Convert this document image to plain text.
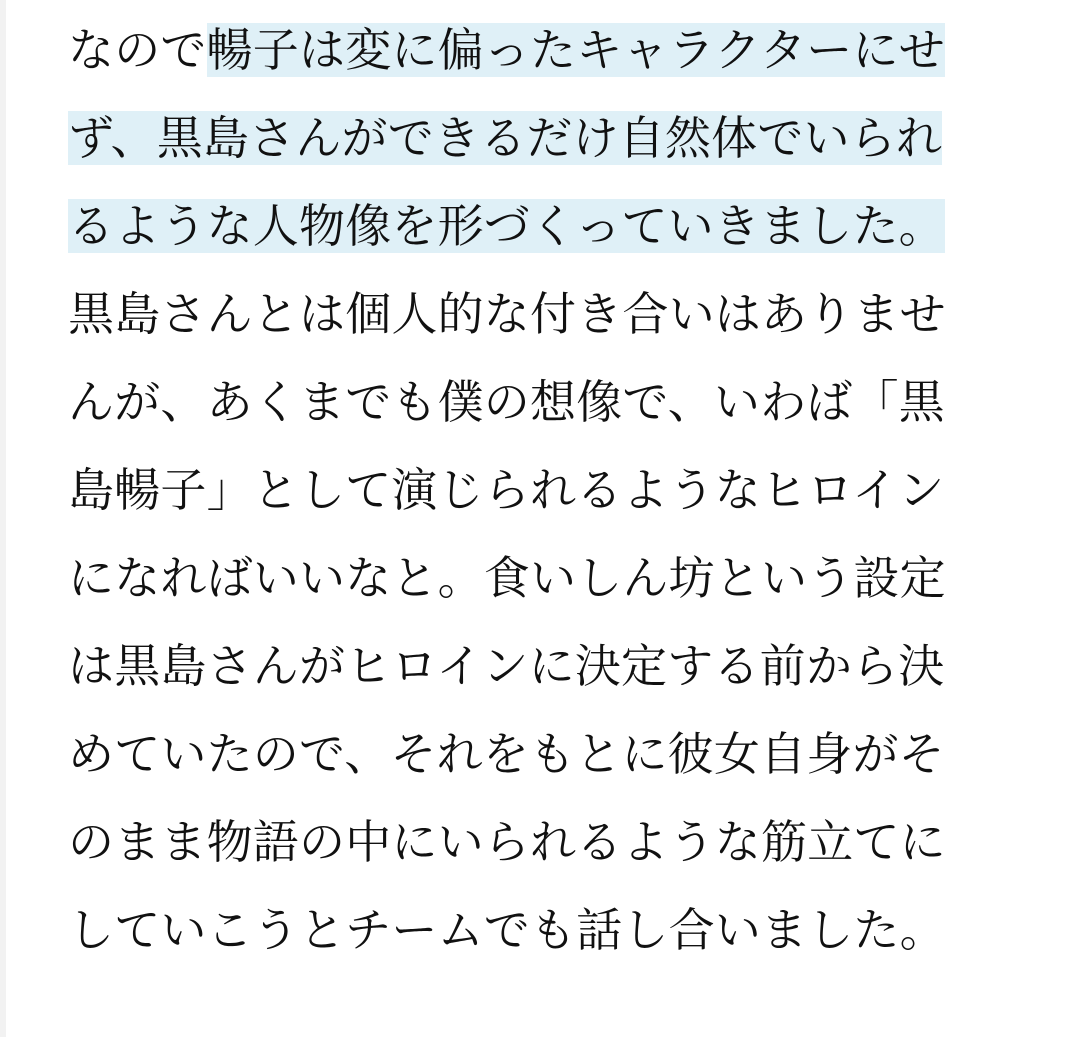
なので暢子は変に偏ったキャラクターにせず、黒島さんができるだけ自然体でいられるような人物像を形づくっていきました。黒島さんとは個人的な付き合いはありませんが、あくまでも僕の想像で、いわば「黒島暢子」として演じられるようなヒロインになればいいなと。食いしん坊という設定は黒島さんがヒロインに決定する前から決めていたので、それをもとに彼女自身がそのまま物語の中にいられるような筋立てにしていこうとチームでも話し合いました。
